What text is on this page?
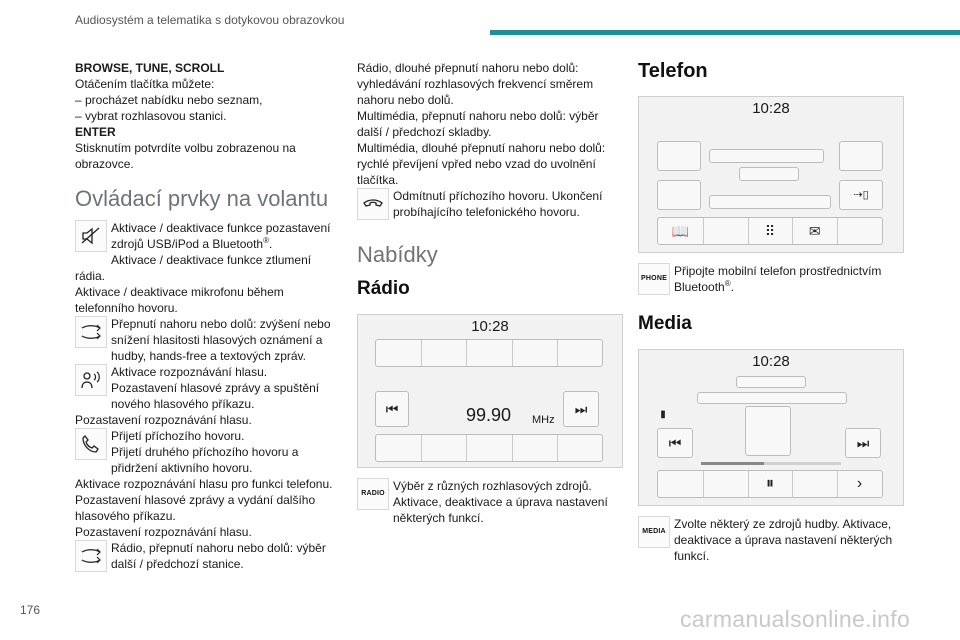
Audiosystém a telematika s dotykovou obrazovkou

BROWSE, TUNE, SCROLL

Otáčením tlačítka můžete:

– procházet nabídku nebo seznam,

– vybrat rozhlasovou stanici.

ENTER

Stisknutím potvrdíte volbu zobrazenou na obrazovce.

Ovládací prvky na volantu
Aktivace / deaktivace funkce pozastavení zdrojů USB/iPod a Bluetooth®.
Aktivace / deaktivace funkce ztlumení rádia.
Aktivace / deaktivace mikrofonu během telefonního hovoru.
Přepnutí nahoru nebo dolů: zvýšení nebo snížení hlasitosti hlasových oznámení a hudby, hands-free a textových zpráv.
Aktivace rozpoznávání hlasu.
Pozastavení hlasové zprávy a spuštění nového hlasového příkazu.
Pozastavení rozpoznávání hlasu.
Přijetí příchozího hovoru.
Přijetí druhého příchozího hovoru a přidržení aktivního hovoru.
Aktivace rozpoznávání hlasu pro funkci telefonu.
Pozastavení hlasové zprávy a vydání dalšího hlasového příkazu.
Pozastavení rozpoznávání hlasu.
Rádio, přepnutí nahoru nebo dolů: výběr další / předchozí stanice.

Rádio, dlouhé přepnutí nahoru nebo dolů: vyhledávání rozhlasových frekvencí směrem nahoru nebo dolů.

Multimédia, přepnutí nahoru nebo dolů: výběr další / předchozí skladby.

Multimédia, dlouhé přepnutí nahoru nebo dolů: rychlé převíjení vpřed nebo vzad do uvolnění tlačítka.

Odmítnutí příchozího hovoru. Ukončení probíhajícího telefonického hovoru.
Nabídky
Rádio
10:28
⏮	99.90 MHz
⏭
RADIO
Výběr z různých rozhlasových zdrojů. Aktivace, deaktivace a úprava nastavení některých funkcí.
Telefon
10:28
⇢▯
📖	⠿	✉
PHONE
Připojte mobilní telefon prostřednictvím Bluetooth®.
Media
10:28
▮
⏮	⏭
⏸	›
MEDIA
Zvolte některý ze zdrojů hudby. Aktivace, deaktivace a úprava nastavení některých funkcí.
176	carmanualsonline.info
